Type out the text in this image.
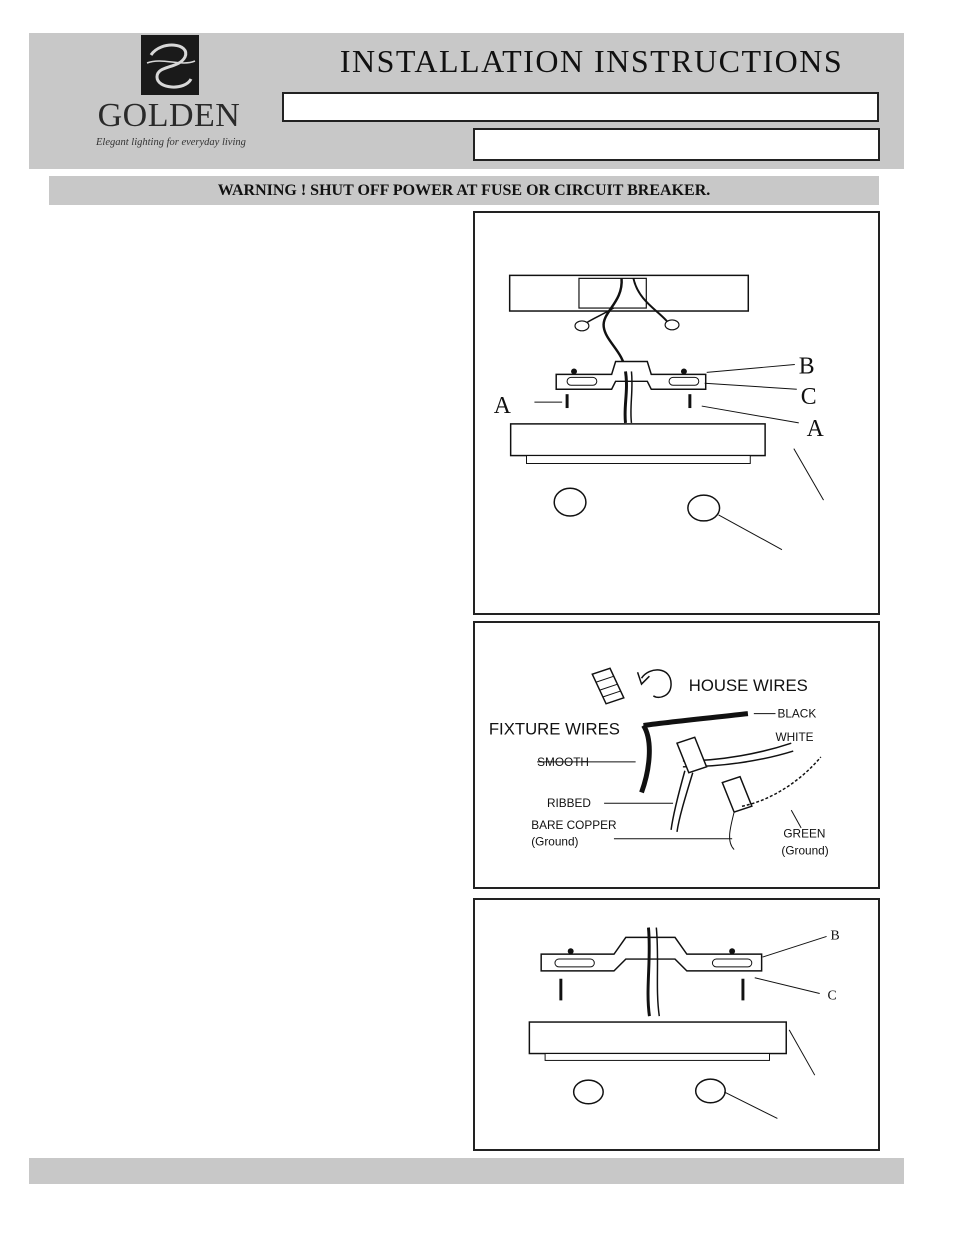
GOLDEN
Elegant lighting for everyday living
INSTALLATION INSTRUCTIONS
WARNING ! SHUT OFF POWER AT FUSE OR CIRCUIT BREAKER.
B
C
A
A
HOUSE WIRES
FIXTURE WIRES
BLACK
WHITE
SMOOTH
RIBBED
BARE COPPER
(Ground)
GREEN
(Ground)
B
C
